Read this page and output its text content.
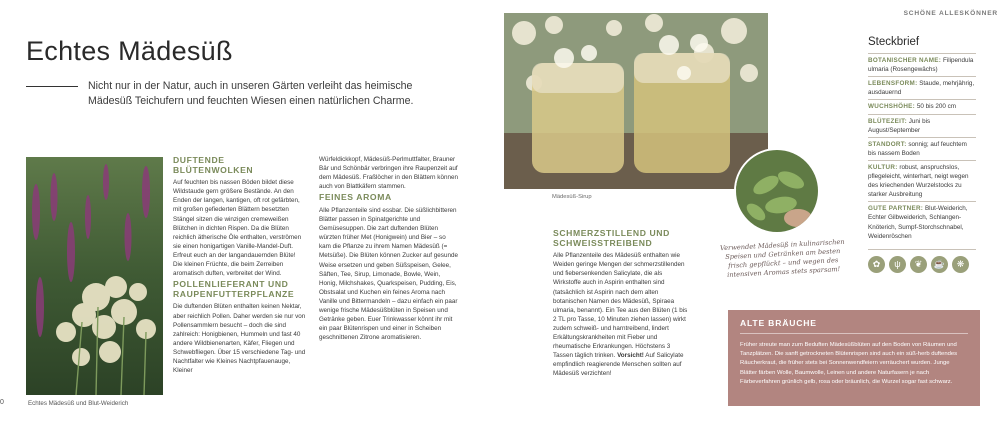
Echtes Mädesüß

Nicht nur in der Natur, auch in unseren Gärten verleiht das heimische Mädesüß Teichufern und feuchten Wiesen einen natürlichen Charme.

Echtes Mädesüß und Blut-Weiderich
0
DUFTENDE BLÜTENWOLKEN

Auf feuchten bis nassen Böden bildet diese Wildstaude gern größere Bestände. An den Enden der langen, kantigen, oft rot gefärbten, mit großen gefiederten Blättern besetzten Stängel sitzen die winzigen cremeweißen Blütchen in dichten Rispen. Da die Blüten reichlich ätherische Öle enthalten, verströmen sie einen honigartigen Vanille-Mandel-Duft. Erfreut euch an der langandauernden Blüte! Die kleinen Früchte, die beim Zerreiben aromatisch duften, verbreitet der Wind.

POLLENLIEFERANT UND RAUPENFUTTERPFLANZE

Die duftenden Blüten enthalten keinen Nektar, aber reichlich Pollen. Daher werden sie nur von Pollensammlern besucht – doch die sind zahlreich: Honigbienen, Hummeln und fast 40 andere Wildbienenarten, Käfer, Fliegen und Schwebfliegen. Über 15 verschiedene Tag- und Nachtfalter wie Kleines Nachtpfauenauge, Kleiner

Würfeldickkopf, Mädesüß-Perlmuttfalter, Brauner Bär und Schönbär verbringen ihre Raupenzeit auf dem Mädesüß. Fraßlöcher in den Blättern können auch von Blattkäfern stammen.

FEINES AROMA

Alle Pflanzenteile sind essbar. Die süßlichbitteren Blätter passen in Spinatgerichte und Gemüsesuppen. Die zart duftenden Blüten würzten früher Met (Honigwein) und Bier – so kam die Pflanze zu ihrem Namen Mädesüß (= Metsüße). Die Blüten können Zucker auf gesunde Weise ersetzen und geben Süßspeisen, Gelee, Säften, Tee, Sirup, Limonade, Bowle, Wein, Honig, Milchshakes, Quarkspeisen, Pudding, Eis, Obstsalat und Kuchen ein feines Aroma nach Vanille und Bittermandeln – dazu einfach ein paar wenige frische Mädesüßblüten in Speisen und Getränke geben. Euer Trinkwasser könnt ihr mit ein paar Blütenrispen und einer in Scheiben geschnittenen Zitrone aromatisieren.

SCHÖNE ALLESKÖNNER
Mädesüß-Sirup
SCHMERZSTILLEND UND SCHWEISSTREIBEND

Alle Pflanzenteile des Mädesüß enthalten wie Weiden geringe Mengen der schmerzstillenden und fiebersenkenden Salicylate, die als Wirkstoffe auch in Aspirin enthalten sind (tatsächlich ist Aspirin nach dem alten botanischen Namen des Mädesüß, Spiraea ulmaria, benannt). Ein Tee aus den Blüten (1 bis 2 TL pro Tasse, 10 Minuten ziehen lassen) wirkt zudem schweiß- und harntreibend, lindert Erkältungskrankheiten mit Fieber und rheumatische Erkrankungen. Höchstens 3 Tassen täglich trinken. Vorsicht! Auf Salicylate empfindlich reagierende Menschen sollten auf Mädesüß verzichten!

Verwendet Mädesüß in kulinarischen Speisen und Getränken am besten frisch gepflückt – und wegen des intensiven Aromas stets sparsam!
Steckbrief
BOTANISCHER NAME: Filipendula ulmaria (Rosengewächs)
LEBENSFORM: Staude, mehrjährig, ausdauernd
WUCHSHÖHE: 50 bis 200 cm
BLÜTEZEIT: Juni bis August/September
STANDORT: sonnig; auf feuchtem bis nassem Boden
KULTUR: robust, anspruchslos, pflegeleicht, winterhart, neigt wegen des kriechenden Wurzelstocks zu starker Ausbreitung
GUTE PARTNER: Blut-Weiderich, Echter Gilbweiderich, Schlangen-Knöterich, Sumpf-Storchschnabel, Weidenröschen
✿	ψ	❦	☕	❋
ALTE BRÄUCHE
Früher streute man zum Beduften Mädesüßblüten auf den Boden von Räumen und Tanzplätzen. Die sanft getrockneten Blütenrispen sind auch ein süß-herb duftendes Räucherkraut, die früher stets bei Sonnenwendfeiern verräuchert wurden. Junge Blätter färben Wolle, Baumwolle, Leinen und andere Naturfasern je nach Färbeverfahren grünlich gelb, rosa oder bräunlich, die Wurzel sogar fast schwarz.
